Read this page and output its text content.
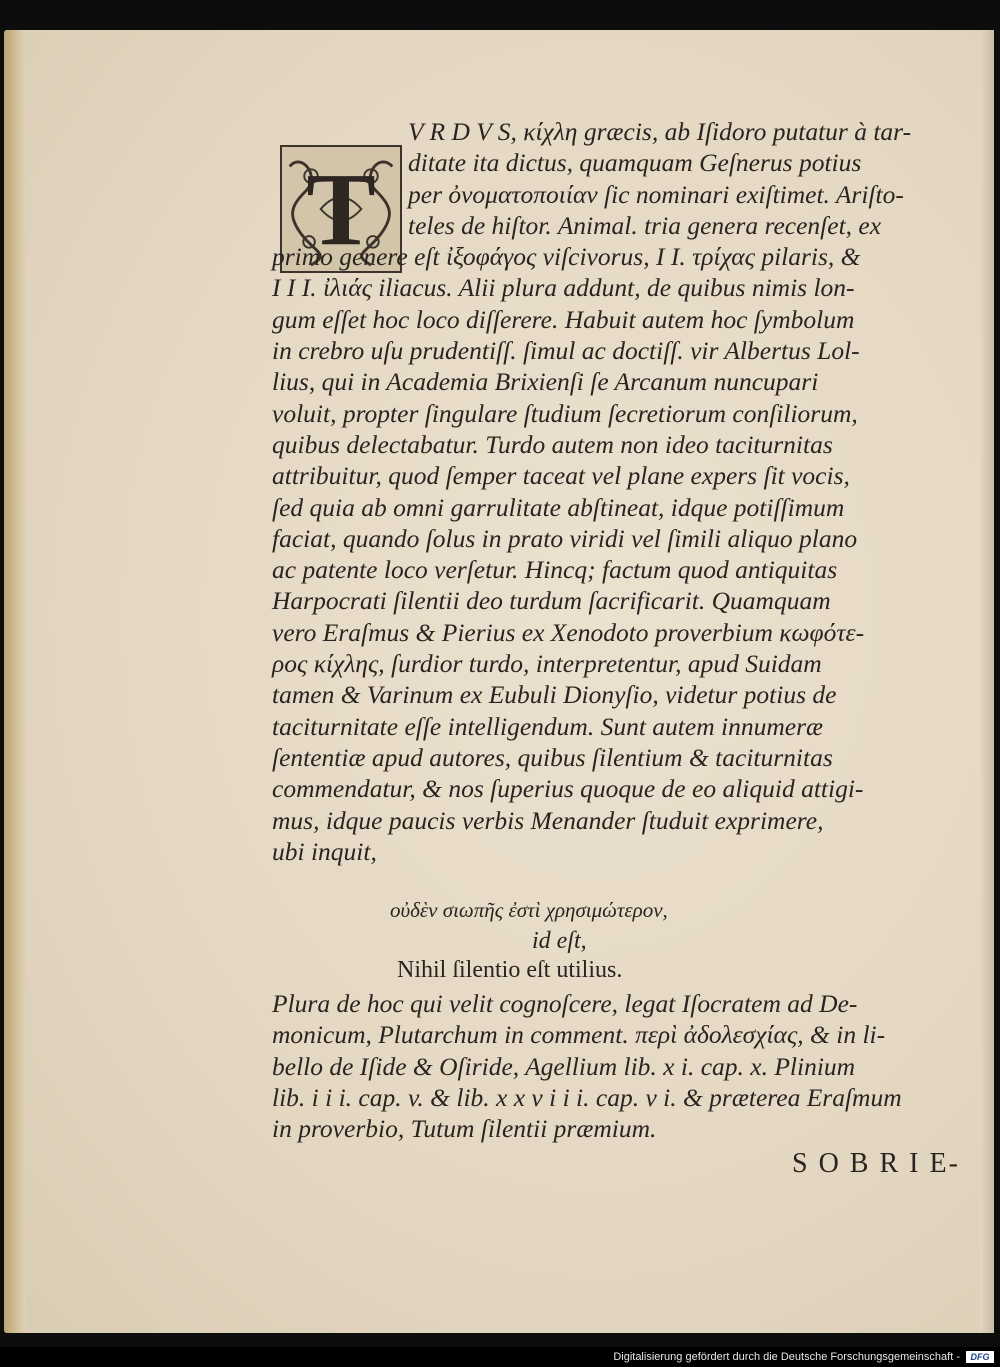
T
V R D V S, κίχλη græcis, ab Iſidoro putatur à tar-
ditate ita dictus, quamquam Geſnerus potius
per ὀνοματοποιίαν ſic nominari exiſtimet. Ariſto-
teles de hiſtor. Animal. tria genera recenſet, ex
primo genere eſt ἰξοφάγος viſcivorus, I I. τρίχας pilaris, &
I I I. ἰλιάς iliacus. Alii plura addunt, de quibus nimis lon-
gum eſſet hoc loco diſſerere. Habuit autem hoc ſymbolum
in crebro uſu prudentiſſ. ſimul ac doctiſſ. vir Albertus Lol-
lius, qui in Academia Brixienſi ſe Arcanum nuncupari
voluit, propter ſingulare ſtudium ſecretiorum conſiliorum,
quibus delectabatur. Turdo autem non ideo taciturnitas
attribuitur, quod ſemper taceat vel plane expers ſit vocis,
ſed quia ab omni garrulitate abſtineat, idque potiſſimum
faciat, quando ſolus in prato viridi vel ſimili aliquo plano
ac patente loco verſetur. Hincq; factum quod antiquitas
Harpocrati ſilentii deo turdum ſacrificarit. Quamquam
vero Eraſmus & Pierius ex Xenodoto proverbium κωφότε-
ρος κίχλης, ſurdior turdo, interpretentur, apud Suidam
tamen & Varinum ex Eubuli Dionyſio, videtur potius de
taciturnitate eſſe intelligendum. Sunt autem innumeræ
ſententiæ apud autores, quibus ſilentium & taciturnitas
commendatur, & nos ſuperius quoque de eo aliquid attigi-
mus, idque paucis verbis Menander ſtuduit exprimere,
ubi inquit,
οὐδὲν σιωπῆς ἐστὶ χρησιμώτερον,
id eſt,
Nihil ſilentio eſt utilius.
Plura de hoc qui velit cognoſcere, legat Iſocratem ad De-
monicum, Plutarchum in comment. περὶ ἀδολεσχίας, & in li-
bello de Iſide & Oſiride, Agellium lib. x i. cap. x. Plinium
lib. i i i. cap. v. & lib. x x v i i i. cap. v i. & præterea Eraſmum
in proverbio, Tutum ſilentii præmium.
S O B R I E-
Digitalisierung gefördert durch die Deutsche Forschungsgemeinschaft -	DFG
